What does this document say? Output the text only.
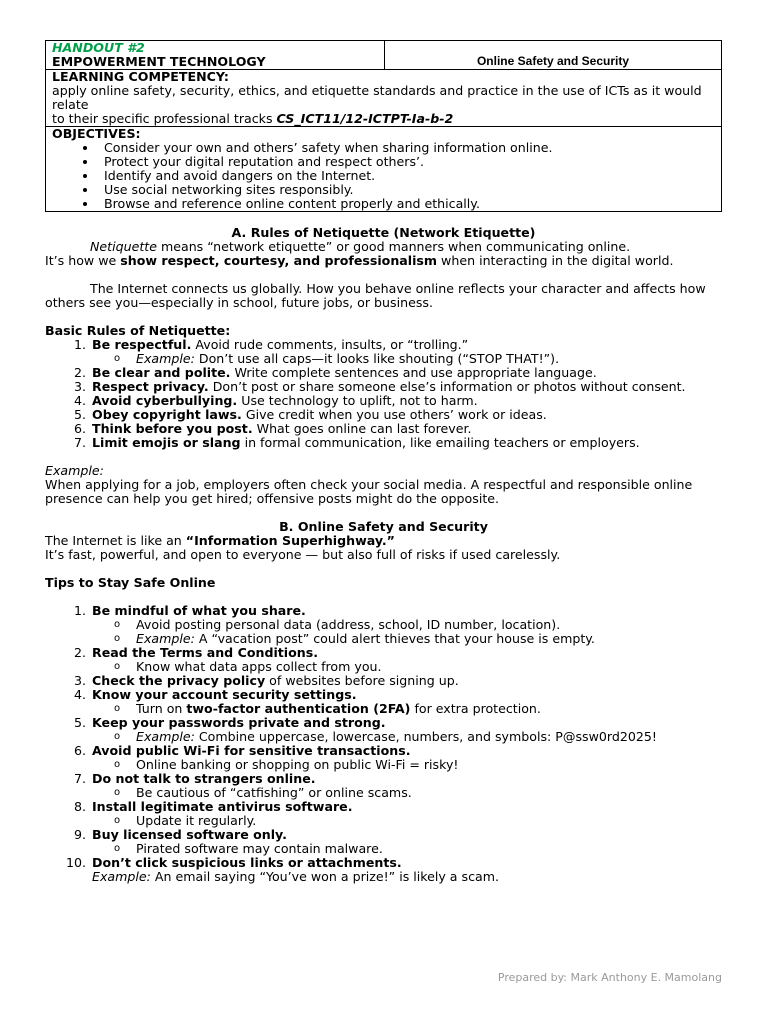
HANDOUT #2
EMPOWERMENT TECHNOLOGY	Online Safety and Security

LEARNING COMPETENCY:
apply online safety, security, ethics, and etiquette standards and practice in the use of ICTs as it would relate
to their specific professional tracks CS_ICT11/12-ICTPT-Ia-b-2

OBJECTIVES:
• Consider your own and others’ safety when sharing information online.
• Protect your digital reputation and respect others’.
• Identify and avoid dangers on the Internet.
• Use social networking sites responsibly.
• Browse and reference online content properly and ethically.
A. Rules of Netiquette (Network Etiquette)

Netiquette means “network etiquette” or good manners when communicating online.
It’s how we show respect, courtesy, and professionalism when interacting in the digital world.

The Internet connects us globally. How you behave online reflects your character and affects how others see you—especially in school, future jobs, or business.

Basic Rules of Netiquette:
1. Be respectful. Avoid rude comments, insults, or “trolling.”
o Example: Don’t use all caps—it looks like shouting (“STOP THAT!”).
2. Be clear and polite. Write complete sentences and use appropriate language.
3. Respect privacy. Don’t post or share someone else’s information or photos without consent.
4. Avoid cyberbullying. Use technology to uplift, not to harm.
5. Obey copyright laws. Give credit when you use others’ work or ideas.
6. Think before you post. What goes online can last forever.
7. Limit emojis or slang in formal communication, like emailing teachers or employers.
Example:

When applying for a job, employers often check your social media. A respectful and responsible online presence can help you get hired; offensive posts might do the opposite.

B. Online Safety and Security

The Internet is like an “Information Superhighway.”

It’s fast, powerful, and open to everyone — but also full of risks if used carelessly.

Tips to Stay Safe Online
1. Be mindful of what you share.
o Avoid posting personal data (address, school, ID number, location).
o Example: A “vacation post” could alert thieves that your house is empty.
2. Read the Terms and Conditions.
o Know what data apps collect from you.
3. Check the privacy policy of websites before signing up.
4. Know your account security settings.
o Turn on two-factor authentication (2FA) for extra protection.
5. Keep your passwords private and strong.
o Example: Combine uppercase, lowercase, numbers, and symbols: P@ssw0rd2025!
6. Avoid public Wi-Fi for sensitive transactions.
o Online banking or shopping on public Wi-Fi = risky!
7. Do not talk to strangers online.
o Be cautious of “catfishing” or online scams.
8. Install legitimate antivirus software.
o Update it regularly.
9. Buy licensed software only.
o Pirated software may contain malware.
10. Don’t click suspicious links or attachments.
Example: An email saying “You’ve won a prize!” is likely a scam.
Prepared by: Mark Anthony E. Mamolang
